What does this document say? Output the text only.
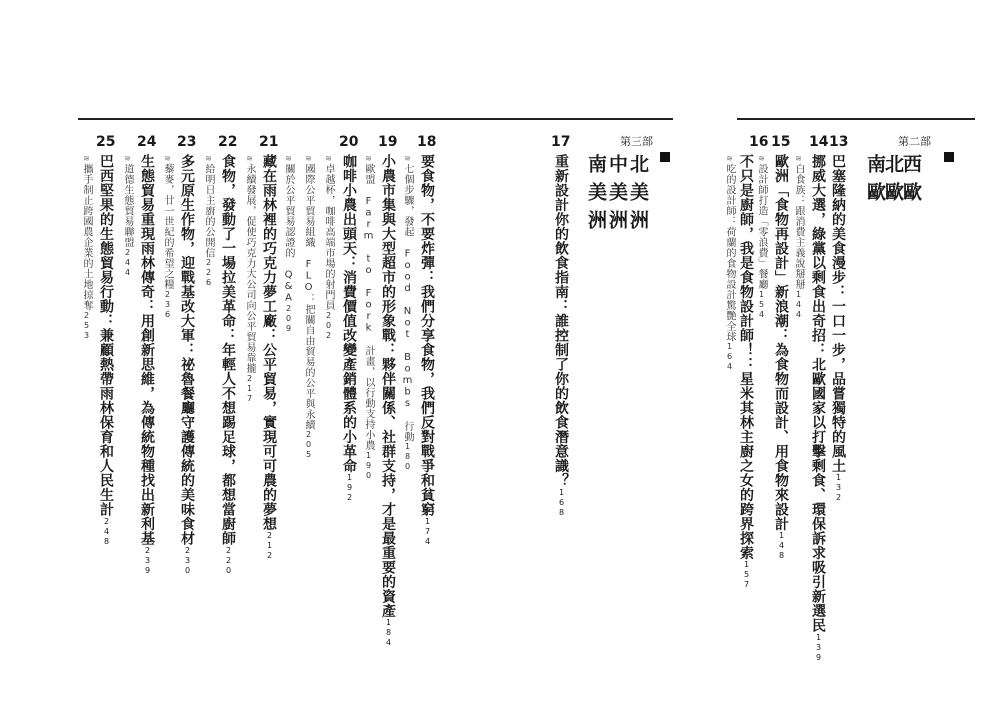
第二部
西歐
北歐
南歐
13
巴塞隆納的美食漫步：一口一步，品嘗獨特的風土132
14
挪威大選，綠黨以剩食出奇招：北歐國家以打擊剩食、環保訴求吸引新選民139
≋白食族：跟消費主義說掰掰144
15
歐洲「食物再設計」新浪潮：為食物而設計、用食物來設計148
≋設計師打造「零浪費」餐廳154
16
不只是廚師，我是食物設計師！：星米其林主廚之女的跨界探索157
≋吃的設計師：荷蘭的食物設計驚艷全球164
第三部
北美洲
中美洲
南美洲
17
重新設計你的飲食指南：誰控制了你的飲食潛意識？168
18
要食物，不要炸彈：我們分享食物，我們反對戰爭和貧窮174
≋七個步驟，發起 Food Not Bombs 行動180
19
小農市集與大型超市的形象戰：夥伴關係、社群支持，才是最重要的資產184
≋歐盟 Farm to Fork 計畫，以行動支持小農190
20
咖啡小農出頭天：消費價值改變產銷體系的小革命192
≋卓越杯，咖啡高端市場的射門員202
≋國際公平貿易組織 FLO：把關自由貿易的公平與永續205
≋關於公平貿易認證的 Q&A209
21
藏在雨林裡的巧克力夢工廠：公平貿易，實現可可農的夢想212
≋永續發展，促使巧克力大公司向公平貿易靠攏217
22
食物，發動了一場拉美革命：年輕人不想踢足球，都想當廚師220
≋給明日主廚的公開信226
23
多元原生作物，迎戰基改大軍：祕魯餐廳守護傳統的美味食材230
≋藜麥，廿一世紀的希望之糧236
24
生態貿易重現雨林傳奇：用創新思維，為傳統物種找出新利基239
≋道德生態貿易聯盟244
25
巴西堅果的生態貿易行動：兼顧熱帶雨林保育和人民生計248
≋攜手制止跨國農企業的土地掠奪253
